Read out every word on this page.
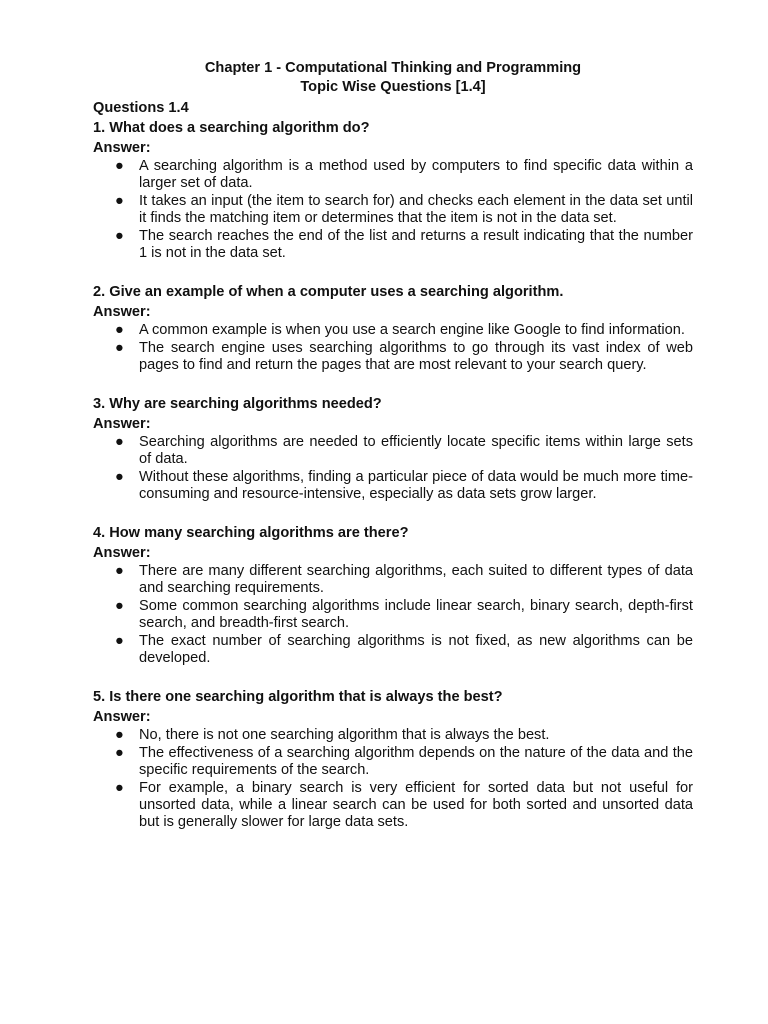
Chapter 1 - Computational Thinking and Programming
Topic Wise Questions [1.4]
Questions 1.4
1. What does a searching algorithm do?
Answer:
● A searching algorithm is a method used by computers to find specific data within a larger set of data.
● It takes an input (the item to search for) and checks each element in the data set until it finds the matching item or determines that the item is not in the data set.
● The search reaches the end of the list and returns a result indicating that the number 1 is not in the data set.
2. Give an example of when a computer uses a searching algorithm.
Answer:
● A common example is when you use a search engine like Google to find information.
● The search engine uses searching algorithms to go through its vast index of web pages to find and return the pages that are most relevant to your search query.
3. Why are searching algorithms needed?
Answer:
● Searching algorithms are needed to efficiently locate specific items within large sets of data.
● Without these algorithms, finding a particular piece of data would be much more time-consuming and resource-intensive, especially as data sets grow larger.
4. How many searching algorithms are there?
Answer:
● There are many different searching algorithms, each suited to different types of data and searching requirements.
● Some common searching algorithms include linear search, binary search, depth-first search, and breadth-first search.
● The exact number of searching algorithms is not fixed, as new algorithms can be developed.
5. Is there one searching algorithm that is always the best?
Answer:
● No, there is not one searching algorithm that is always the best.
● The effectiveness of a searching algorithm depends on the nature of the data and the specific requirements of the search.
● For example, a binary search is very efficient for sorted data but not useful for unsorted data, while a linear search can be used for both sorted and unsorted data but is generally slower for large data sets.
